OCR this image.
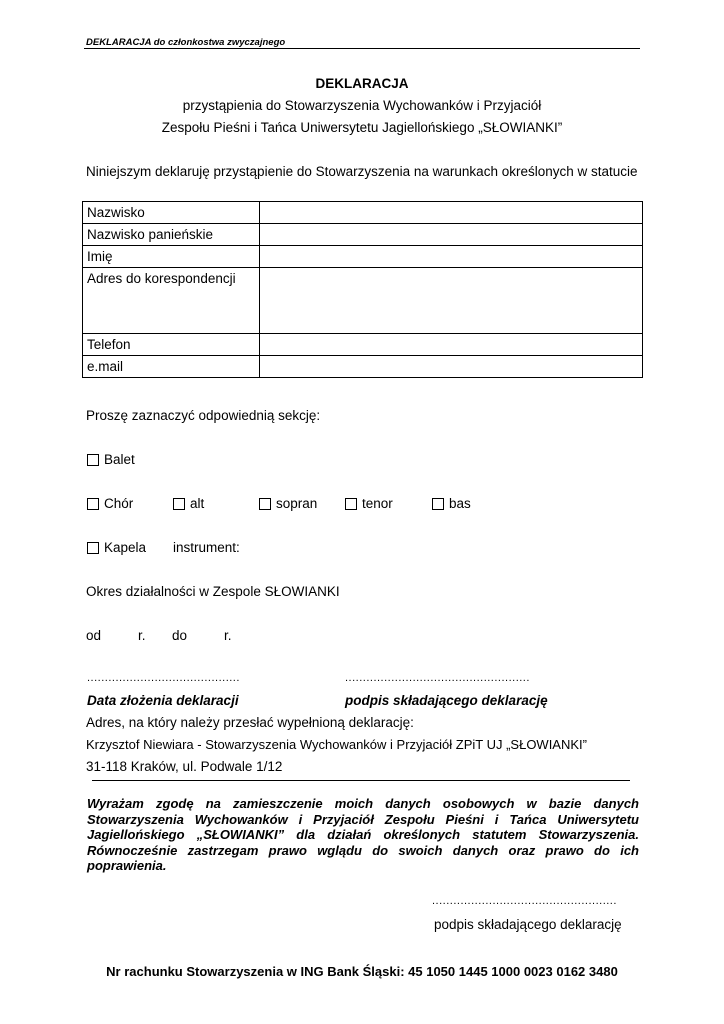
DEKLARACJA do członkostwa zwyczajnego
DEKLARACJA
przystąpienia do Stowarzyszenia Wychowanków i Przyjaciół
Zespołu Pieśni i Tańca Uniwersytetu Jagiellońskiego „SŁOWIANKI”
Niniejszym deklaruję przystąpienie do Stowarzyszenia na warunkach określonych w statucie
Nazwisko	

Nazwisko panieńskie	

Imię	

Adres do korespondencji	

Telefon	

e.mail	

Proszę zaznaczyć odpowiednią sekcję:
Balet
Chór	alt	sopran	tenor	bas
Kapela instrument:
Okres działalności w Zespole SŁOWIANKI
od	r. do	r.
...........................................	....................................................
Data złożenia deklaracji	podpis składającego deklarację
Adres, na który należy przesłać wypełnioną deklarację:
Krzysztof Niewiara - Stowarzyszenia Wychowanków i Przyjaciół ZPiT UJ „SŁOWIANKI”
31-118 Kraków, ul. Podwale 1/12
Wyrażam zgodę na zamieszczenie moich danych osobowych w bazie danych Stowarzyszenia Wychowanków i Przyjaciół Zespołu Pieśni i Tańca Uniwersytetu Jagiellońskiego „SŁOWIANKI” dla działań określonych statutem Stowarzyszenia. Równocześnie zastrzegam prawo wglądu do swoich danych oraz prawo do ich poprawienia.
....................................................
podpis składającego deklarację
Nr rachunku Stowarzyszenia w ING Bank Śląski: 45 1050 1445 1000 0023 0162 3480
